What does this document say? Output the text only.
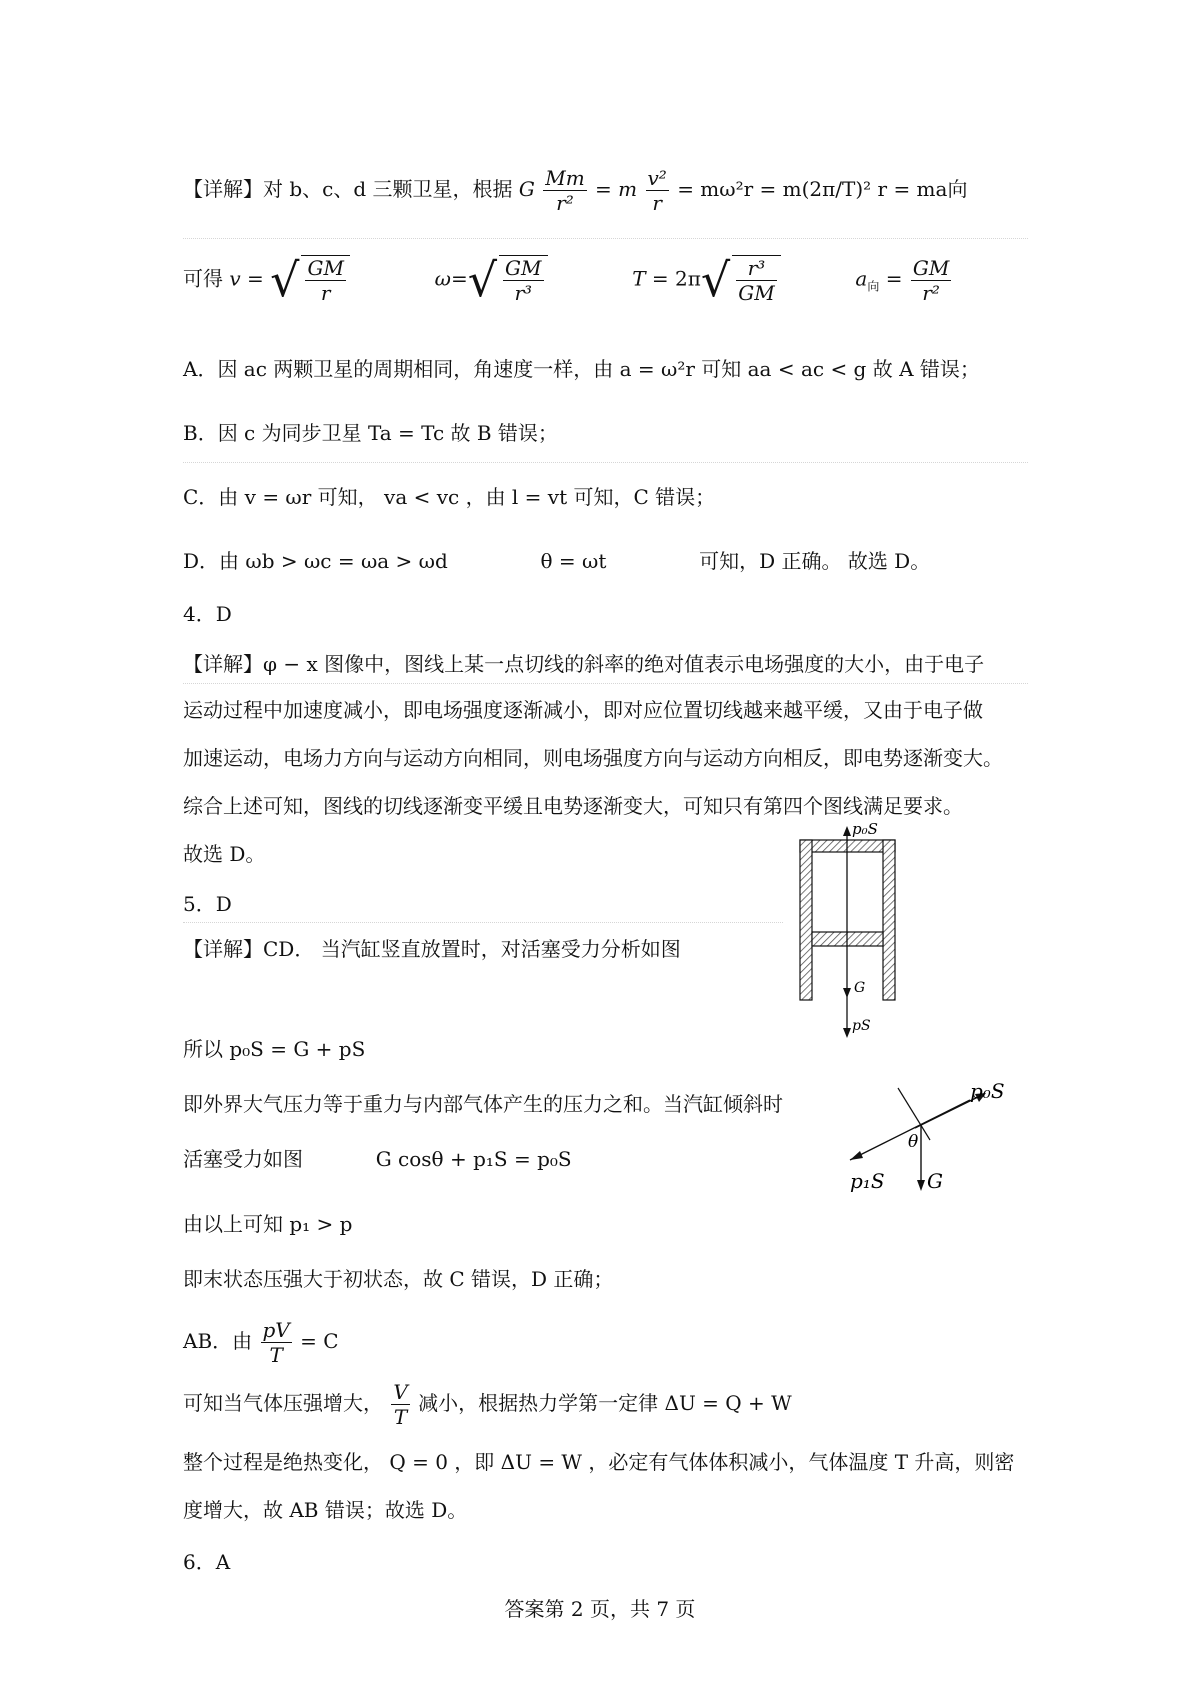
【详解】对 b、c、d 三颗卫星，根据 G $\frac{Mm}{\text{r²}} = m \frac{\text{v²}}{r} = m\omega^2r = m(2\pi/T)^2$ r = ma向
可得 v = √ $\frac{GM}{r}$	$\omega=√ \frac{GM}{\text{r³}}$	$T = 2\pi√ \frac{\text{r³}}{GM}$	$a_向 = \frac{GM}{\text{r²}}$
A．因 ac 两颗卫星的周期相同，角速度一样，由 a = ω²r 可知 aa < ac < g 故 A 错误；
B．因 c 为同步卫星 Ta = Tc 故 B 错误；
C．由 v = ωr 可知， va < vc ，由 l = vt 可知，C 错误；
D．由 ωb > ωc = ωa > ωd	θ = ωt	可知，D 正确。 故选 D。
4．D
【详解】φ − x 图像中，图线上某一点切线的斜率的绝对值表示电场强度的大小，由于电子
运动过程中加速度减小，即电场强度逐渐减小，即对应位置切线越来越平缓，又由于电子做
加速运动，电场力方向与运动方向相同，则电场强度方向与运动方向相反，即电势逐渐变大。
综合上述可知，图线的切线逐渐变平缓且电势逐渐变大，可知只有第四个图线满足要求。
故选 D。
5．D
【详解】CD． 当汽缸竖直放置时，对活塞受力分析如图
p₀S
G
pS
所以 p₀S = G + pS
即外界大气压力等于重力与内部气体产生的压力之和。当汽缸倾斜时
活塞受力如图	G cosθ + p₁S = p₀S
p₀S
θ
p₁S G
由以上可知 p₁ > p
即末状态压强大于初状态，故 C 错误，D 正确；
AB．由 $\frac{pV}{T} = C$
可知当气体压强增大， $\frac{V}{T}$ 减小，根据热力学第一定律 ΔU = Q + W
整个过程是绝热变化， Q = 0 ，即 ΔU = W ，必定有气体体积减小，气体温度 T 升高，则密
度增大，故 AB 错误；故选 D。
6．A
答案第 2 页，共 7 页
